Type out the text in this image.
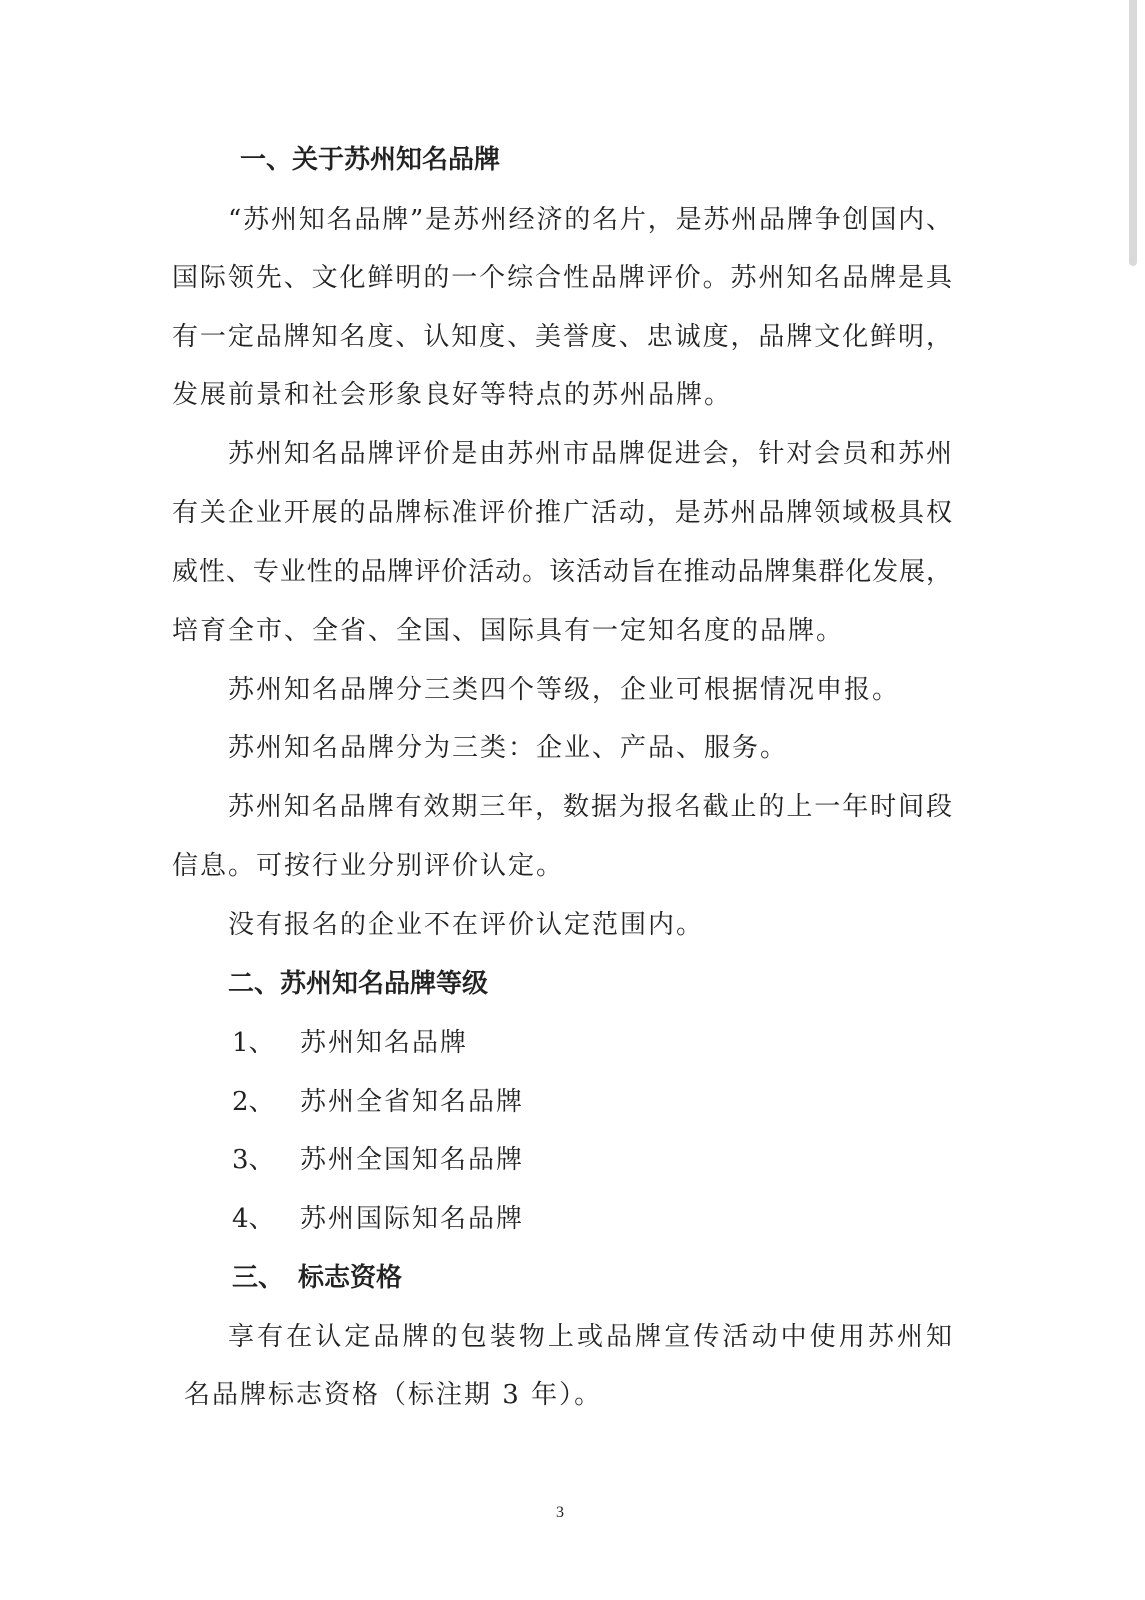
一、关于苏州知名品牌
“苏州知名品牌”是苏州经济的名片，是苏州品牌争创国内、
国际领先、文化鲜明的一个综合性品牌评价。苏州知名品牌是具
有一定品牌知名度、认知度、美誉度、忠诚度，品牌文化鲜明，
发展前景和社会形象良好等特点的苏州品牌。
苏州知名品牌评价是由苏州市品牌促进会，针对会员和苏州
有关企业开展的品牌标准评价推广活动，是苏州品牌领域极具权
威性、专业性的品牌评价活动。该活动旨在推动品牌集群化发展，
培育全市、全省、全国、国际具有一定知名度的品牌。
苏州知名品牌分三类四个等级，企业可根据情况申报。
苏州知名品牌分为三类：企业、产品、服务。
苏州知名品牌有效期三年，数据为报名截止的上一年时间段
信息。可按行业分别评价认定。
没有报名的企业不在评价认定范围内。
二、苏州知名品牌等级
1、 苏州知名品牌
2、 苏州全省知名品牌
3、 苏州全国知名品牌
4、 苏州国际知名品牌
三、 标志资格
享有在认定品牌的包装物上或品牌宣传活动中使用苏州知
名品牌标志资格（标注期 3 年）。
3
